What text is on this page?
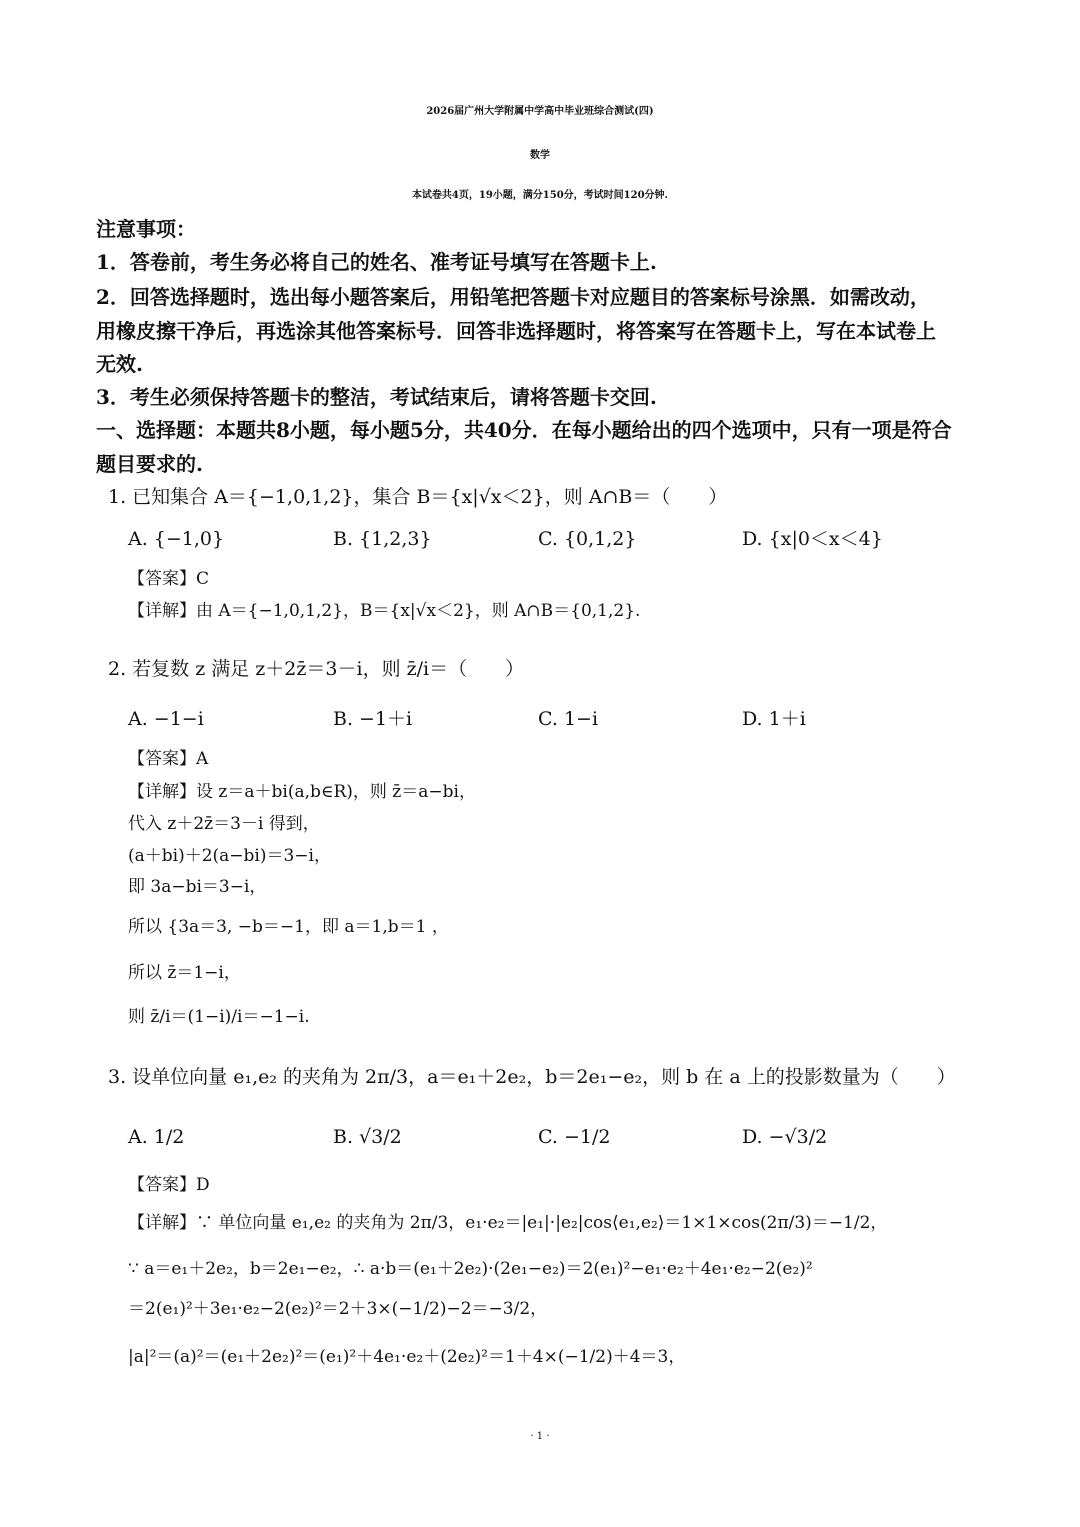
2026届广州大学附属中学高中毕业班综合测试(四)
数学
本试卷共4页，19小题，满分150分，考试时间120分钟.
注意事项：
1．答卷前，考生务必将自己的姓名、准考证号填写在答题卡上.
2．回答选择题时，选出每小题答案后，用铅笔把答题卡对应题目的答案标号涂黑．如需改动，
用橡皮擦干净后，再选涂其他答案标号．回答非选择题时，将答案写在答题卡上，写在本试卷上
无效.
3．考生必须保持答题卡的整洁，考试结束后，请将答题卡交回.
一、选择题：本题共8小题，每小题5分，共40分．在每小题给出的四个选项中，只有一项是符合
题目要求的.
1. 已知集合 A＝{−1,0,1,2}，集合 B＝{x|√x＜2}，则 A∩B＝（　　）
A. {−1,0}	B. {1,2,3}	C. {0,1,2}	D. {x|0＜x＜4}
【答案】C
【详解】由 A＝{−1,0,1,2}，B＝{x|√x＜2}，则 A∩B＝{0,1,2}.
2. 若复数 z 满足 z＋2z̄＝3－i，则 z̄/i＝（　　）
A. −1−i	B. −1＋i	C. 1−i	D. 1＋i
【答案】A
【详解】设 z＝a＋bi(a,b∈R)，则 z̄＝a−bi，
代入 z＋2z̄＝3－i 得到，
(a＋bi)＋2(a−bi)＝3−i，
即 3a−bi＝3−i，
所以 {3a＝3, −b＝−1，即 a＝1,b＝1 ，
所以 z̄＝1−i，
则 z̄/i＝(1−i)/i＝−1−i.
3. 设单位向量 e₁,e₂ 的夹角为 2π/3，a＝e₁＋2e₂，b＝2e₁−e₂，则 b 在 a 上的投影数量为（　　）
A. 1/2	B. √3/2	C. −1/2	D. −√3/2
【答案】D
【详解】∵ 单位向量 e₁,e₂ 的夹角为 2π/3，e₁·e₂＝|e₁|·|e₂|cos⟨e₁,e₂⟩＝1×1×cos(2π/3)＝−1/2，
∵ a＝e₁＋2e₂，b＝2e₁−e₂，∴ a·b＝(e₁＋2e₂)·(2e₁−e₂)＝2(e₁)²−e₁·e₂＋4e₁·e₂−2(e₂)²
＝2(e₁)²＋3e₁·e₂−2(e₂)²＝2＋3×(−1/2)−2＝−3/2，
|a|²＝(a)²＝(e₁＋2e₂)²＝(e₁)²＋4e₁·e₂＋(2e₂)²＝1＋4×(−1/2)＋4＝3，
· 1 ·
